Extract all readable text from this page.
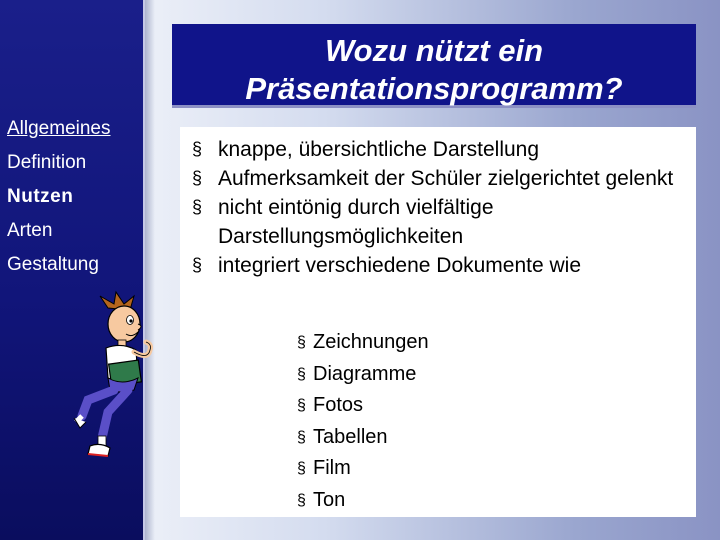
Allgemeines
Definition
Nutzen
Arten
Gestaltung
Wozu nützt ein
Präsentationsprogramm?
§ knappe, übersichtliche Darstellung
§ Aufmerksamkeit der Schüler zielgerichtet gelenkt
§ nicht eintönig durch vielfältige Darstellungsmöglichkeiten
§ integriert verschiedene Dokumente wie
§ Zeichnungen
§ Diagramme
§ Fotos
§ Tabellen
§ Film
§ Ton
